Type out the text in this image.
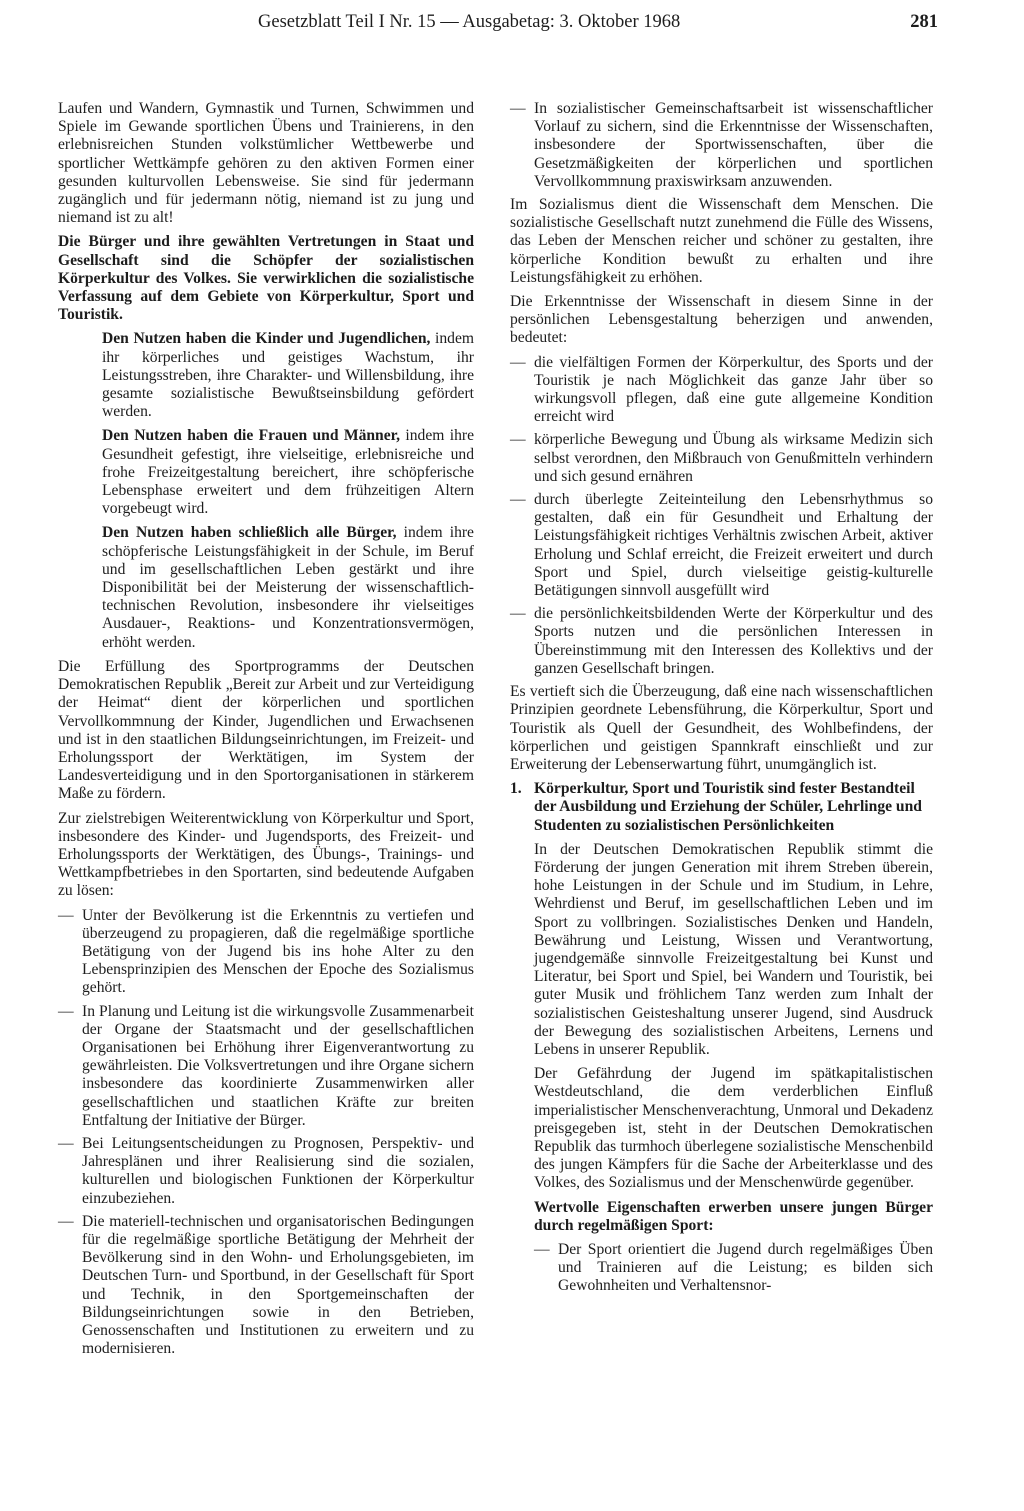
Gesetzblatt Teil I Nr. 15 — Ausgabetag: 3. Oktober 1968	281

Laufen und Wandern, Gymnastik und Turnen, Schwimmen und Spiele im Gewande sportlichen Übens und Trainierens, in den erlebnisreichen Stunden volkstümlicher Wettbewerbe und sportlicher Wettkämpfe gehören zu den aktiven Formen einer gesunden kulturvollen Lebensweise. Sie sind für jedermann zugänglich und für jedermann nötig, niemand ist zu jung und niemand ist zu alt!

Die Bürger und ihre gewählten Vertretungen in Staat und Gesellschaft sind die Schöpfer der sozialistischen Körperkultur des Volkes. Sie verwirklichen die sozialistische Verfassung auf dem Gebiete von Körperkultur, Sport und Touristik.

Den Nutzen haben die Kinder und Jugendlichen, indem ihr körperliches und geistiges Wachstum, ihr Leistungsstreben, ihre Charakter- und Willensbildung, ihre gesamte sozialistische Bewußtseinsbildung gefördert werden.

Den Nutzen haben die Frauen und Männer, indem ihre Gesundheit gefestigt, ihre vielseitige, erlebnisreiche und frohe Freizeitgestaltung bereichert, ihre schöpferische Lebensphase erweitert und dem frühzeitigen Altern vorgebeugt wird.

Den Nutzen haben schließlich alle Bürger, indem ihre schöpferische Leistungsfähigkeit in der Schule, im Beruf und im gesellschaftlichen Leben gestärkt und ihre Disponibilität bei der Meisterung der wissenschaftlich-technischen Revolution, insbesondere ihr vielseitiges Ausdauer-, Reaktions- und Konzentrationsvermögen, erhöht werden.

Die Erfüllung des Sportprogramms der Deutschen Demokratischen Republik „Bereit zur Arbeit und zur Verteidigung der Heimat“ dient der körperlichen und sportlichen Vervollkommnung der Kinder, Jugendlichen und Erwachsenen und ist in den staatlichen Bildungseinrichtungen, im Freizeit- und Erholungssport der Werktätigen, im System der Landesverteidigung und in den Sportorganisationen in stärkerem Maße zu fördern.

Zur zielstrebigen Weiterentwicklung von Körperkultur und Sport, insbesondere des Kinder- und Jugendsports, des Freizeit- und Erholungssports der Werktätigen, des Übungs-, Trainings- und Wettkampfbetriebes in den Sportarten, sind bedeutende Aufgaben zu lösen:

— Unter der Bevölkerung ist die Erkenntnis zu vertiefen und überzeugend zu propagieren, daß die regelmäßige sportliche Betätigung von der Jugend bis ins hohe Alter zu den Lebensprinzipien des Menschen der Epoche des Sozialismus gehört.
— In Planung und Leitung ist die wirkungsvolle Zusammenarbeit der Organe der Staatsmacht und der gesellschaftlichen Organisationen bei Erhöhung ihrer Eigenverantwortung zu gewährleisten. Die Volksvertretungen und ihre Organe sichern insbesondere das koordinierte Zusammenwirken aller gesellschaftlichen und staatlichen Kräfte zur breiten Entfaltung der Initiative der Bürger.
— Bei Leitungsentscheidungen zu Prognosen, Perspektiv- und Jahresplänen und ihrer Realisierung sind die sozialen, kulturellen und biologischen Funktionen der Körperkultur einzubeziehen.
— Die materiell-technischen und organisatorischen Bedingungen für die regelmäßige sportliche Betätigung der Mehrheit der Bevölkerung sind in den Wohn- und Erholungsgebieten, im Deutschen Turn- und Sportbund, in der Gesellschaft für Sport und Technik, in den Sportgemeinschaften der Bildungseinrichtungen sowie in den Betrieben, Genossenschaften und Institutionen zu erweitern und zu modernisieren.
— In sozialistischer Gemeinschaftsarbeit ist wissenschaftlicher Vorlauf zu sichern, sind die Erkenntnisse der Wissenschaften, insbesondere der Sportwissenschaften, über die Gesetzmäßigkeiten der körperlichen und sportlichen Vervollkommnung praxiswirksam anzuwenden.

Im Sozialismus dient die Wissenschaft dem Menschen. Die sozialistische Gesellschaft nutzt zunehmend die Fülle des Wissens, das Leben der Menschen reicher und schöner zu gestalten, ihre körperliche Kondition bewußt zu erhalten und ihre Leistungsfähigkeit zu erhöhen.

Die Erkenntnisse der Wissenschaft in diesem Sinne in der persönlichen Lebensgestaltung beherzigen und anwenden, bedeutet:

— die vielfältigen Formen der Körperkultur, des Sports und der Touristik je nach Möglichkeit das ganze Jahr über so wirkungsvoll pflegen, daß eine gute allgemeine Kondition erreicht wird
— körperliche Bewegung und Übung als wirksame Medizin sich selbst verordnen, den Mißbrauch von Genußmitteln verhindern und sich gesund ernähren
— durch überlegte Zeiteinteilung den Lebensrhythmus so gestalten, daß ein für Gesundheit und Erhaltung der Leistungsfähigkeit richtiges Verhältnis zwischen Arbeit, aktiver Erholung und Schlaf erreicht, die Freizeit erweitert und durch Sport und Spiel, durch vielseitige geistig-kulturelle Betätigungen sinnvoll ausgefüllt wird
— die persönlichkeitsbildenden Werte der Körperkultur und des Sports nutzen und die persönlichen Interessen in Übereinstimmung mit den Interessen des Kollektivs und der ganzen Gesellschaft bringen.

Es vertieft sich die Überzeugung, daß eine nach wissenschaftlichen Prinzipien geordnete Lebensführung, die Körperkultur, Sport und Touristik als Quell der Gesundheit, des Wohlbefindens, der körperlichen und geistigen Spannkraft einschließt und zur Erweiterung der Lebenserwartung führt, unumgänglich ist.

1. Körperkultur, Sport und Touristik sind fester Bestandteil der Ausbildung und Erziehung der Schüler, Lehrlinge und Studenten zu sozialistischen Persönlichkeiten

In der Deutschen Demokratischen Republik stimmt die Förderung der jungen Generation mit ihrem Streben überein, hohe Leistungen in der Schule und im Studium, in Lehre, Wehrdienst und Beruf, im gesellschaftlichen Leben und im Sport zu vollbringen. Sozialistisches Denken und Handeln, Bewährung und Leistung, Wissen und Verantwortung, jugendgemäße sinnvolle Freizeitgestaltung bei Kunst und Literatur, bei Sport und Spiel, bei Wandern und Touristik, bei guter Musik und fröhlichem Tanz werden zum Inhalt der sozialistischen Geisteshaltung unserer Jugend, sind Ausdruck der Bewegung des sozialistischen Arbeitens, Lernens und Lebens in unserer Republik.

Der Gefährdung der Jugend im spätkapitalistischen Westdeutschland, die dem verderblichen Einfluß imperialistischer Menschenverachtung, Unmoral und Dekadenz preisgegeben ist, steht in der Deutschen Demokratischen Republik das turmhoch überlegene sozialistische Menschenbild des jungen Kämpfers für die Sache der Arbeiterklasse und des Volkes, des Sozialismus und der Menschenwürde gegenüber.

Wertvolle Eigenschaften erwerben unsere jungen Bürger durch regelmäßigen Sport:

— Der Sport orientiert die Jugend durch regelmäßiges Üben und Trainieren auf die Leistung; es bilden sich Gewohnheiten und Verhaltensnor-
